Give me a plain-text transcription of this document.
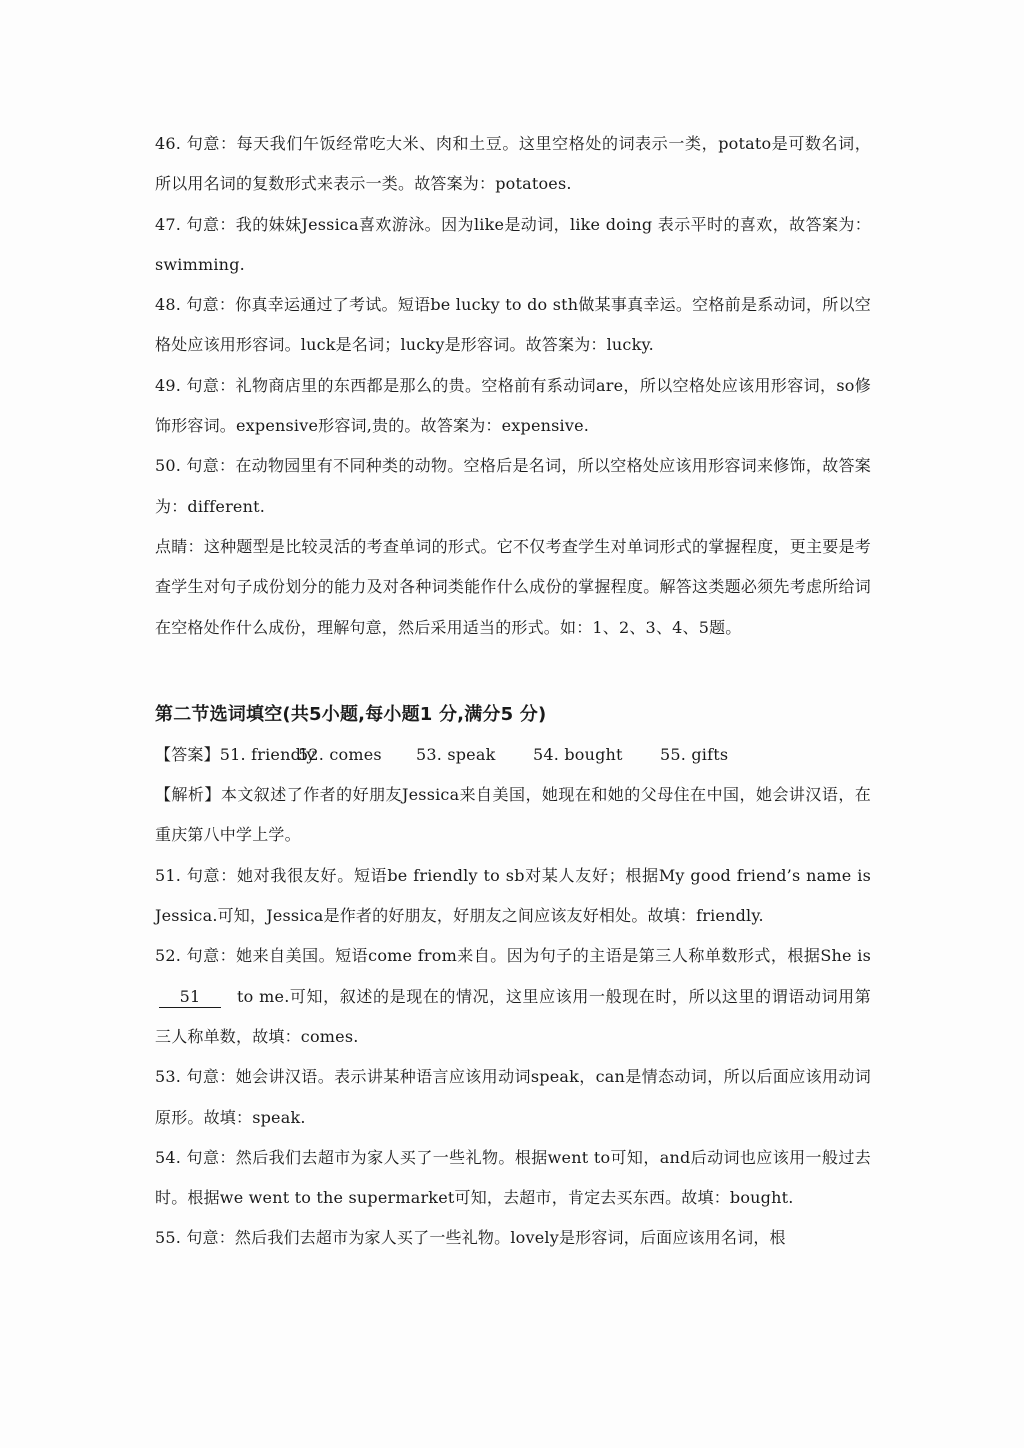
46. 句意：每天我们午饭经常吃大米、肉和土豆。这里空格处的词表示一类，potato是可数名词，所以用名词的复数形式来表示一类。故答案为：potatoes.

47. 句意：我的妹妹Jessica喜欢游泳。因为like是动词，like doing 表示平时的喜欢，故答案为：swimming.

48. 句意：你真幸运通过了考试。短语be lucky to do sth做某事真幸运。空格前是系动词，所以空格处应该用形容词。luck是名词；lucky是形容词。故答案为：lucky.

49. 句意：礼物商店里的东西都是那么的贵。空格前有系动词are，所以空格处应该用形容词，so修饰形容词。expensive形容词,贵的。故答案为：expensive.

50. 句意：在动物园里有不同种类的动物。空格后是名词，所以空格处应该用形容词来修饰，故答案为：different.

点睛：这种题型是比较灵活的考查单词的形式。它不仅考查学生对单词形式的掌握程度，更主要是考查学生对句子成份划分的能力及对各种词类能作什么成份的掌握程度。解答这类题必须先考虑所给词在空格处作什么成份，理解句意，然后采用适当的形式。如：1、2、3、4、5题。

第二节选词填空(共5小题,每小题1 分,满分5 分)
【答案】51. friendly
52. comes	53. speak	54. bought	55. gifts

【解析】本文叙述了作者的好朋友Jessica来自美国，她现在和她的父母住在中国，她会讲汉语，在重庆第八中学上学。

51. 句意：她对我很友好。短语be friendly to sb对某人友好；根据My good friend’s name is Jessica.可知，Jessica是作者的好朋友，好朋友之间应该友好相处。故填：friendly.

52. 句意：她来自美国。短语come from来自。因为句子的主语是第三人称单数形式，根据She is51 to me.可知，叙述的是现在的情况，这里应该用一般现在时，所以这里的谓语动词用第三人称单数，故填：comes.

53. 句意：她会讲汉语。表示讲某种语言应该用动词speak，can是情态动词，所以后面应该用动词原形。故填：speak.

54. 句意：然后我们去超市为家人买了一些礼物。根据went to可知，and后动词也应该用一般过去时。根据we went to the supermarket可知，去超市，肯定去买东西。故填：bought.

55. 句意：然后我们去超市为家人买了一些礼物。lovely是形容词，后面应该用名词，根
